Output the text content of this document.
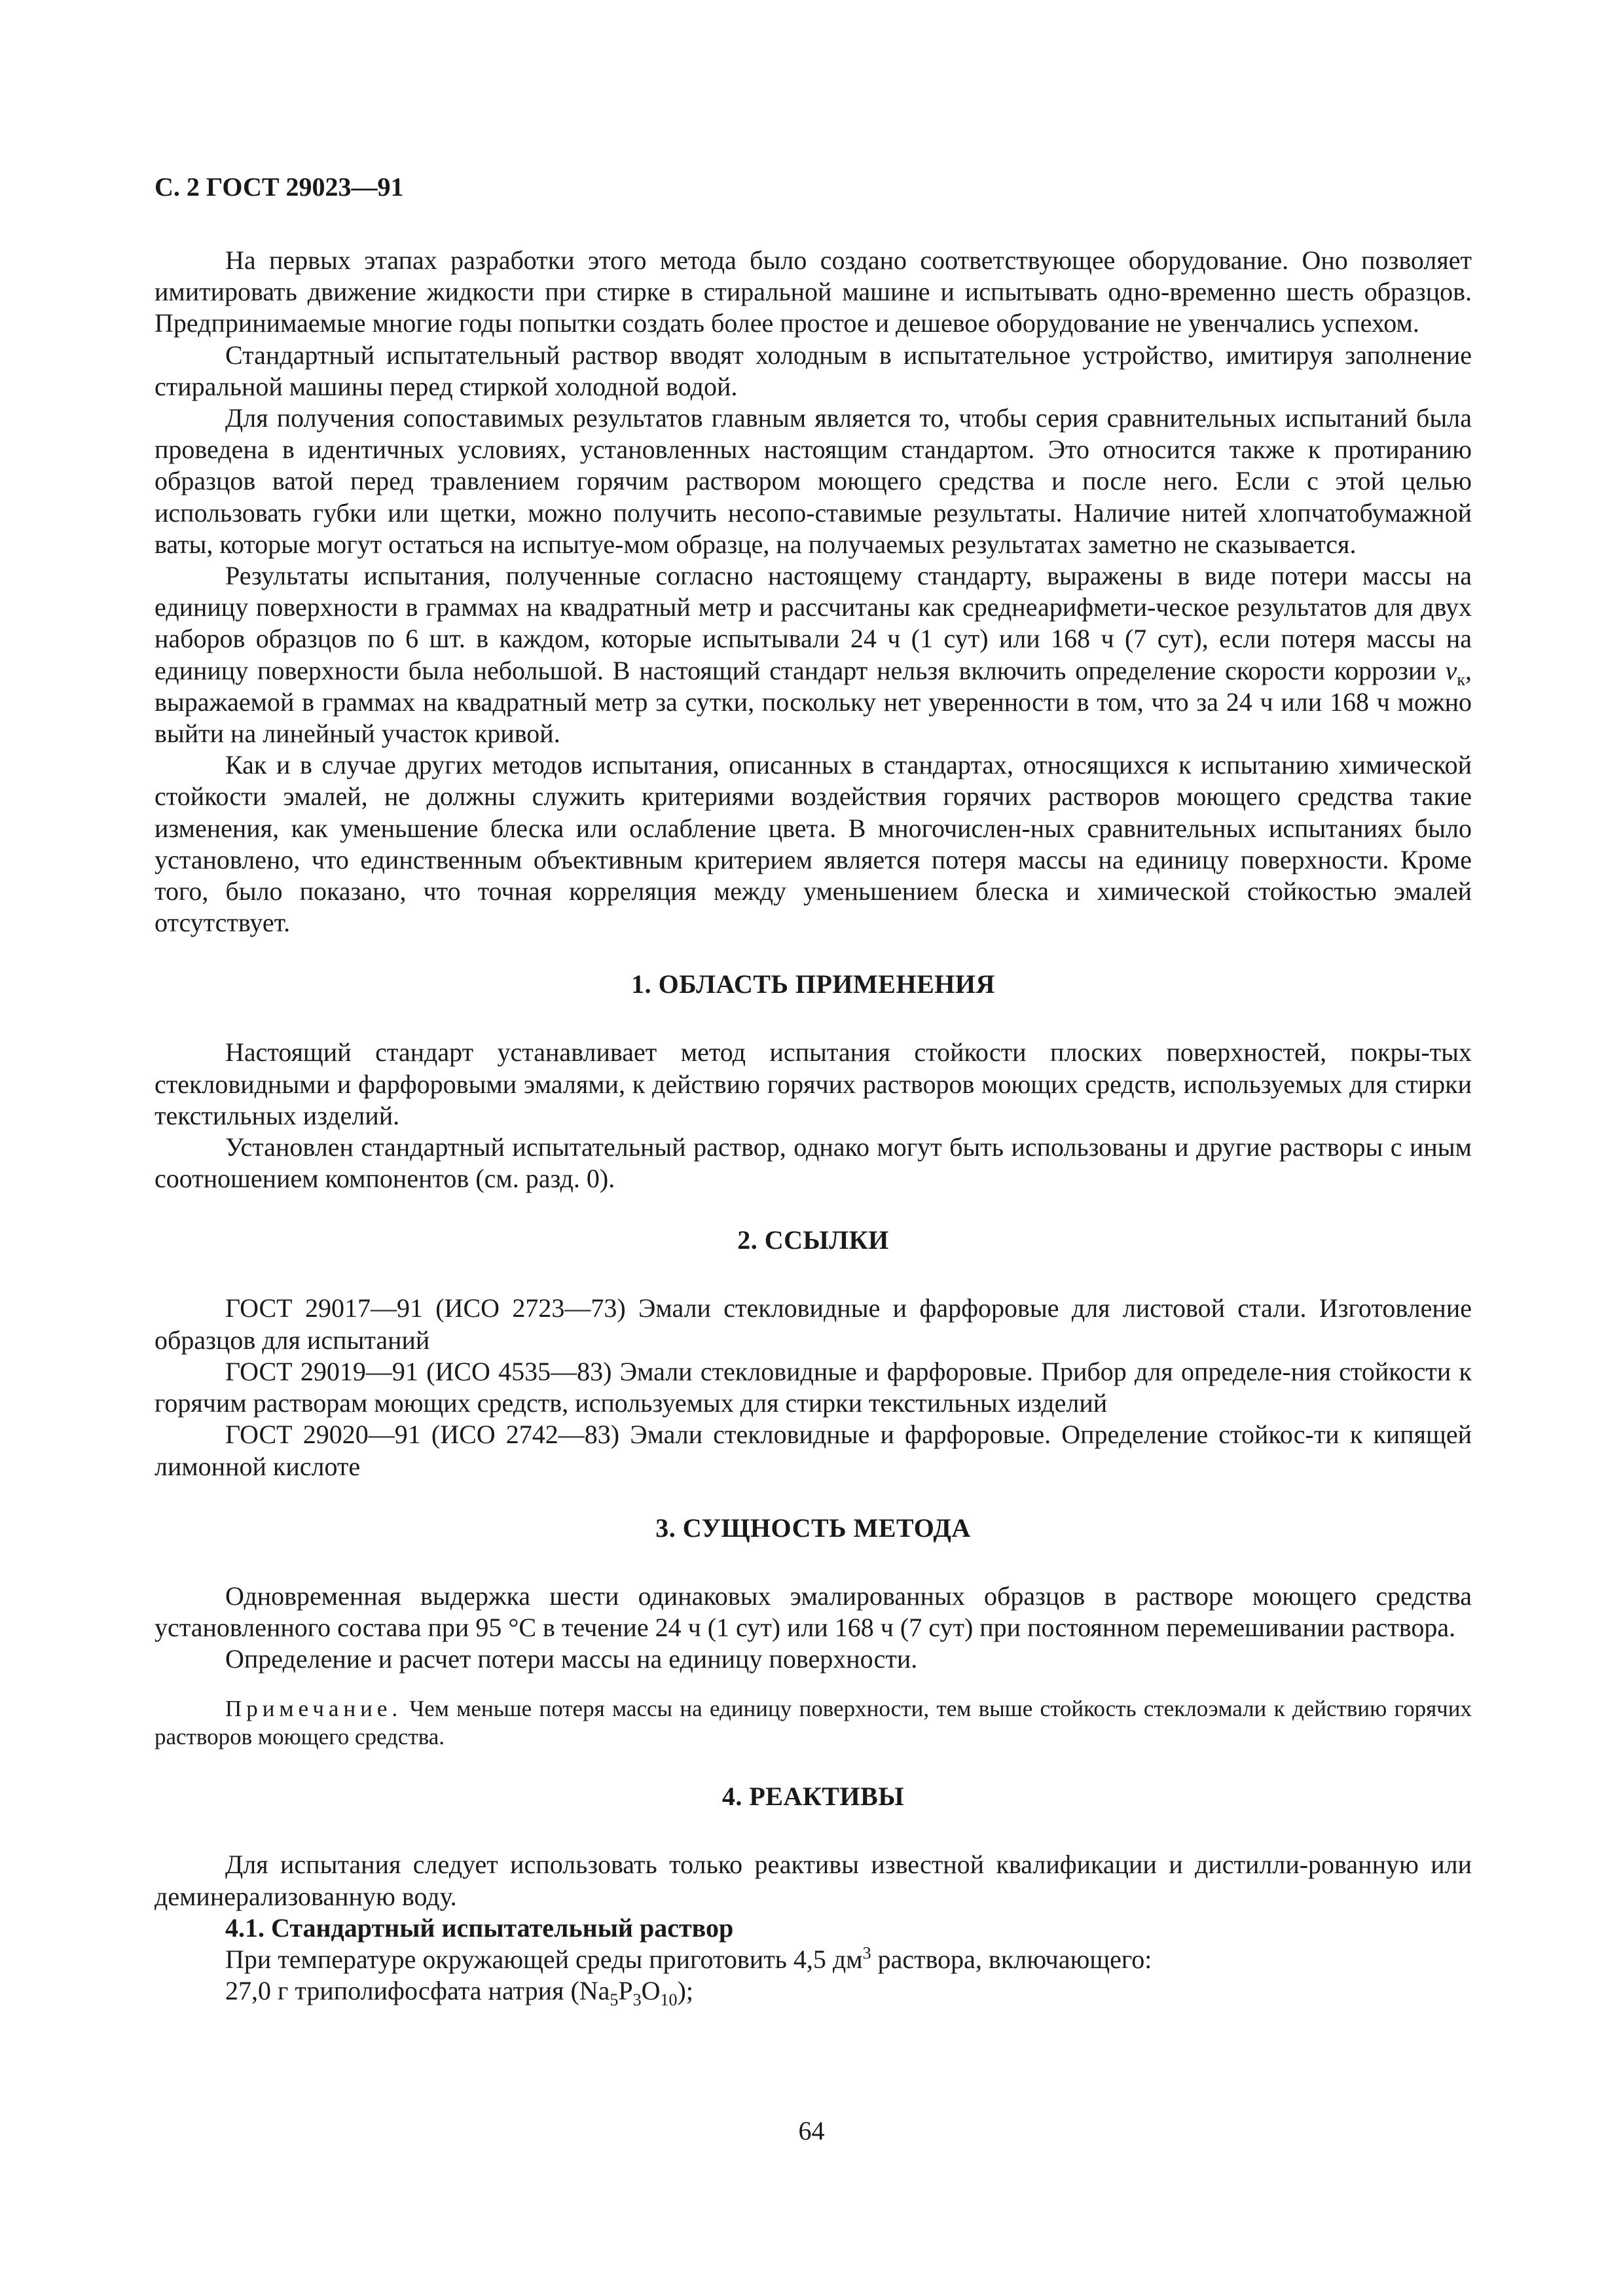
С. 2 ГОСТ 29023—91

На первых этапах разработки этого метода было создано соответствующее оборудование. Оно позволяет имитировать движение жидкости при стирке в стиральной машине и испытывать одно-временно шесть образцов. Предпринимаемые многие годы попытки создать более простое и дешевое оборудование не увенчались успехом.

Стандартный испытательный раствор вводят холодным в испытательное устройство, имитируя заполнение стиральной машины перед стиркой холодной водой.

Для получения сопоставимых результатов главным является то, чтобы серия сравнительных испытаний была проведена в идентичных условиях, установленных настоящим стандартом. Это относится также к протиранию образцов ватой перед травлением горячим раствором моющего средства и после него. Если с этой целью использовать губки или щетки, можно получить несопо-ставимые результаты. Наличие нитей хлопчатобумажной ваты, которые могут остаться на испытуе-мом образце, на получаемых результатах заметно не сказывается.

Результаты испытания, полученные согласно настоящему стандарту, выражены в виде потери массы на единицу поверхности в граммах на квадратный метр и рассчитаны как среднеарифмети-ческое результатов для двух наборов образцов по 6 шт. в каждом, которые испытывали 24 ч (1 сут) или 168 ч (7 сут), если потеря массы на единицу поверхности была небольшой. В настоящий стандарт нельзя включить определение скорости коррозии $v_к$, выражаемой в граммах на квадратный метр за сутки, поскольку нет уверенности в том, что за 24 ч или 168 ч можно выйти на линейный участок кривой.

Как и в случае других методов испытания, описанных в стандартах, относящихся к испытанию химической стойкости эмалей, не должны служить критериями воздействия горячих растворов моющего средства такие изменения, как уменьшение блеска или ослабление цвета. В многочислен-ных сравнительных испытаниях было установлено, что единственным объективным критерием является потеря массы на единицу поверхности. Кроме того, было показано, что точная корреляция между уменьшением блеска и химической стойкостью эмалей отсутствует.

1. ОБЛАСТЬ ПРИМЕНЕНИЯ

Настоящий стандарт устанавливает метод испытания стойкости плоских поверхностей, покры-тых стекловидными и фарфоровыми эмалями, к действию горячих растворов моющих средств, используемых для стирки текстильных изделий.

Установлен стандартный испытательный раствор, однако могут быть использованы и другие растворы с иным соотношением компонентов (см. разд. 0).

2. ССЫЛКИ

ГОСТ 29017—91 (ИСО 2723—73) Эмали стекловидные и фарфоровые для листовой стали. Изготовление образцов для испытаний

ГОСТ 29019—91 (ИСО 4535—83) Эмали стекловидные и фарфоровые. Прибор для определе-ния стойкости к горячим растворам моющих средств, используемых для стирки текстильных изделий

ГОСТ 29020—91 (ИСО 2742—83) Эмали стекловидные и фарфоровые. Определение стойкос-ти к кипящей лимонной кислоте

3. СУЩНОСТЬ МЕТОДА

Одновременная выдержка шести одинаковых эмалированных образцов в растворе моющего средства установленного состава при 95 °С в течение 24 ч (1 сут) или 168 ч (7 сут) при постоянном перемешивании раствора.

Определение и расчет потери массы на единицу поверхности.

Примечание. Чем меньше потеря массы на единицу поверхности, тем выше стойкость стеклоэмали к действию горячих растворов моющего средства.

4. РЕАКТИВЫ

Для испытания следует использовать только реактивы известной квалификации и дистилли-рованную или деминерализованную воду.

4.1. Стандартный испытательный раствор

При температуре окружающей среды приготовить 4,5 $дм^3$ раствора, включающего:

27,0 г триполифосфата натрия $(Na_5P_3O_{10})$;

64
